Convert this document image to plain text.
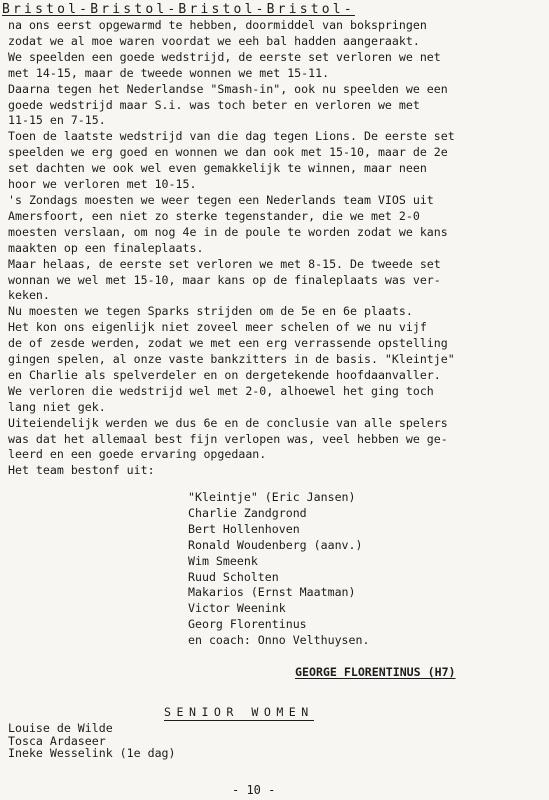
Bristol-Bristol-Bristol-Bristol-
na ons eerst opgewarmd te hebben, doormiddel van bokspringen
zodat we al moe waren voordat we eeh bal hadden aangeraakt.
We speelden een goede wedstrijd, de eerste set verloren we net
met 14-15, maar de tweede wonnen we met 15-11.
Daarna tegen het Nederlandse "Smash-in", ook nu speelden we een
goede wedstrijd maar S.i. was toch beter en verloren we met
11-15 en 7-15.
Toen de laatste wedstrijd van die dag tegen Lions. De eerste set
speelden we erg goed en wonnen we dan ook met 15-10, maar de 2e
set dachten we ook wel even gemakkelijk te winnen, maar neen
hoor we verloren met 10-15.
's Zondags moesten we weer tegen een Nederlands team VIOS uit
Amersfoort, een niet zo sterke tegenstander, die we met 2-0
moesten verslaan, om nog 4e in de poule te worden zodat we kans
maakten op een finaleplaats.
Maar helaas, de eerste set verloren we met 8-15. De tweede set
wonnan we wel met 15-10, maar kans op de finaleplaats was ver-
keken.
Nu moesten we tegen Sparks strijden om de 5e en 6e plaats.
Het kon ons eigenlijk niet zoveel meer schelen of we nu vijf
de of zesde werden, zodat we met een erg verrassende opstelling
gingen spelen, al onze vaste bankzitters in de basis. "Kleintje"
en Charlie als spelverdeler en on dergetekende hoofdaanvaller.
We verloren die wedstrijd wel met 2-0, alhoewel het ging toch
lang niet gek.
Uiteiendelijk werden we dus 6e en de conclusie van alle spelers
was dat het allemaal best fijn verlopen was, veel hebben we ge-
leerd en een goede ervaring opgedaan.
Het team bestonf uit:
"Kleintje" (Eric Jansen)
Charlie Zandgrond
Bert Hollenhoven
Ronald Woudenberg (aanv.)
Wim Smeenk
Ruud Scholten
Makarios (Ernst Maatman)
Victor Weenink
Georg Florentinus
en coach: Onno Velthuysen.
GEORGE FLORENTINUS (H7)
SENIOR WOMEN
Louise de Wilde
Tosca Ardaseer
Ineke Wesselink (1e dag)
- 10 -
